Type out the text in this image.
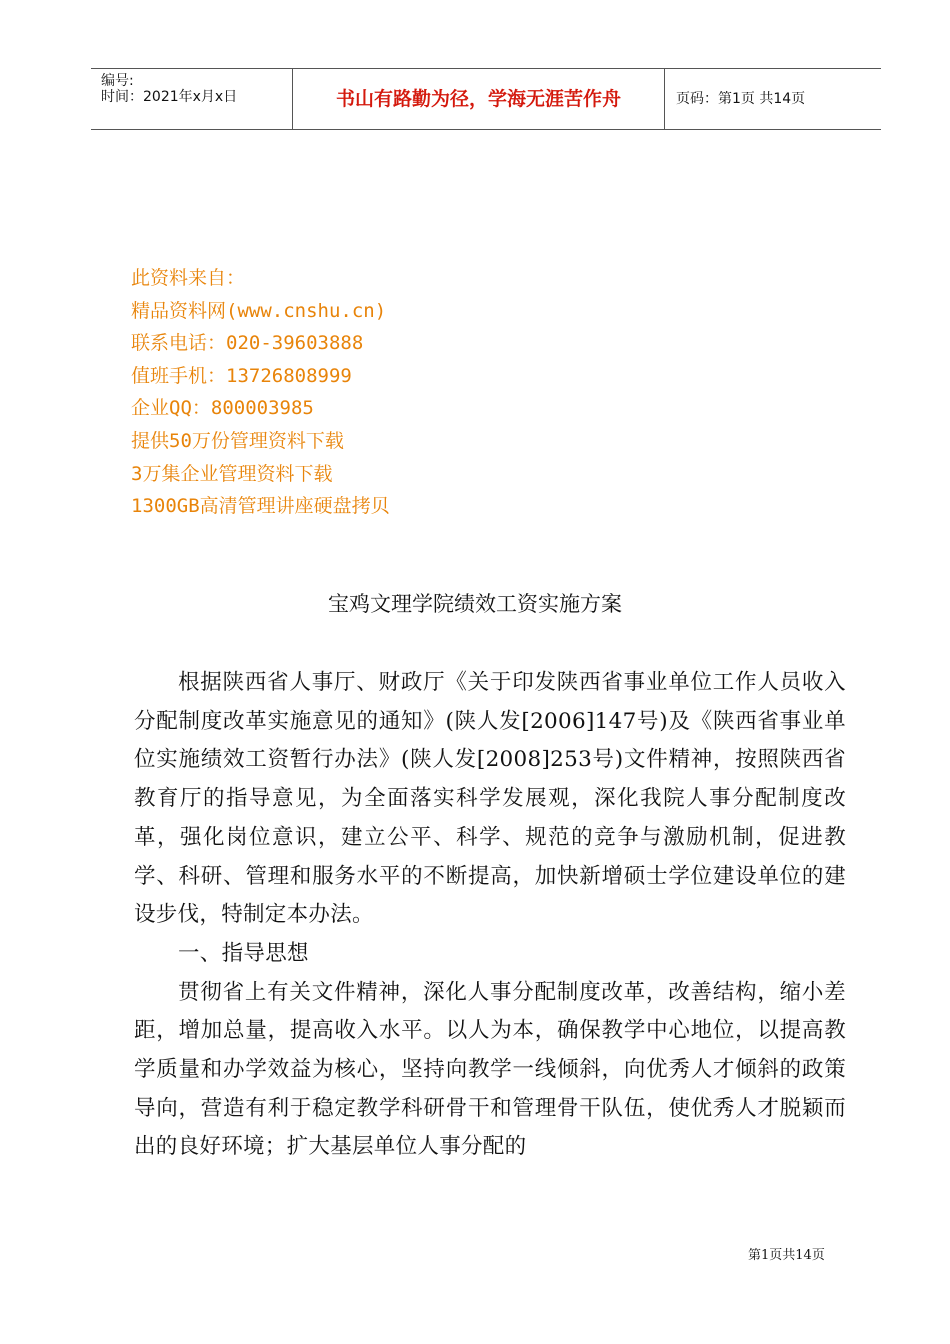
编号:
时间：2021年x月x日	书山有路勤为径，学海无涯苦作舟	页码：第1页 共14页
此资料来自：
精品资料网(www.cnshu.cn)
联系电话：020-39603888
值班手机：13726808999
企业QQ：800003985
提供50万份管理资料下载
3万集企业管理资料下载
1300GB高清管理讲座硬盘拷贝
宝鸡文理学院绩效工资实施方案

根据陕西省人事厅、财政厅《关于印发陕西省事业单位工作人员收入分配制度改革实施意见的通知》(陕人发[2006]147号)及《陕西省事业单位实施绩效工资暂行办法》(陕人发[2008]253号)文件精神，按照陕西省教育厅的指导意见，为全面落实科学发展观，深化我院人事分配制度改革，强化岗位意识，建立公平、科学、规范的竞争与激励机制，促进教学、科研、管理和服务水平的不断提高，加快新增硕士学位建设单位的建设步伐，特制定本办法。

一、指导思想

贯彻省上有关文件精神，深化人事分配制度改革，改善结构，缩小差距，增加总量，提高收入水平。以人为本，确保教学中心地位，以提高教学质量和办学效益为核心，坚持向教学一线倾斜，向优秀人才倾斜的政策导向，营造有利于稳定教学科研骨干和管理骨干队伍，使优秀人才脱颖而出的良好环境；扩大基层单位人事分配的

第1页共14页
